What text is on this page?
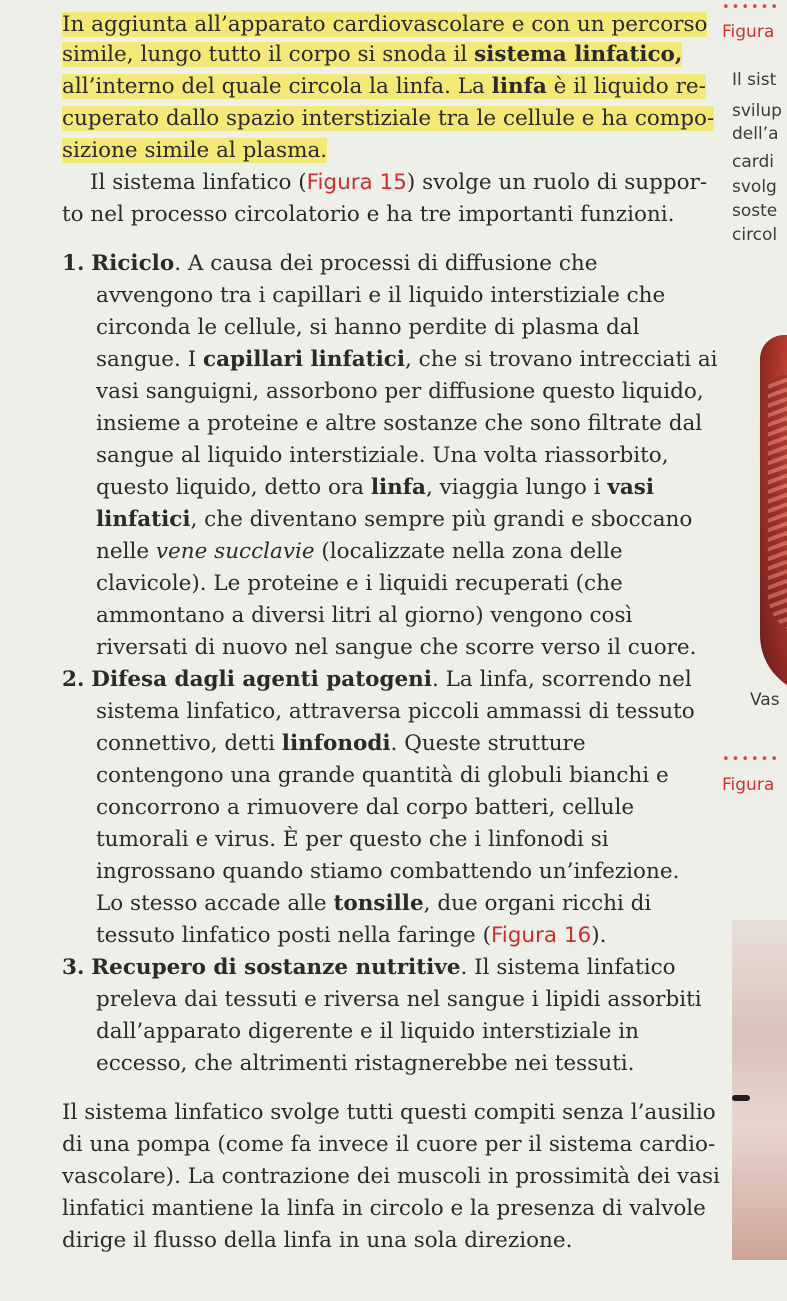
In aggiunta all’apparato cardiovascolare e con un percorso
simile, lungo tutto il corpo si snoda il sistema linfatico,
all’interno del quale circola la linfa. La linfa è il liquido re-
cuperato dallo spazio interstiziale tra le cellule e ha compo-
sizione simile al plasma.
Il sistema linfatico (Figura 15) svolge un ruolo di suppor-
to nel processo circolatorio e ha tre importanti funzioni.
1. Riciclo. A causa dei processi di diffusione che
avvengono tra i capillari e il liquido interstiziale che
circonda le cellule, si hanno perdite di plasma dal
sangue. I capillari linfatici, che si trovano intrecciati ai
vasi sanguigni, assorbono per diffusione questo liquido,
insieme a proteine e altre sostanze che sono filtrate dal
sangue al liquido interstiziale. Una volta riassorbito,
questo liquido, detto ora linfa, viaggia lungo i vasi
linfatici, che diventano sempre più grandi e sboccano
nelle vene succlavie (localizzate nella zona delle
clavicole). Le proteine e i liquidi recuperati (che
ammontano a diversi litri al giorno) vengono così
riversati di nuovo nel sangue che scorre verso il cuore.
2. Difesa dagli agenti patogeni. La linfa, scorrendo nel
sistema linfatico, attraversa piccoli ammassi di tessuto
connettivo, detti linfonodi. Queste strutture
contengono una grande quantità di globuli bianchi e
concorrono a rimuovere dal corpo batteri, cellule
tumorali e virus. È per questo che i linfonodi si
ingrossano quando stiamo combattendo un’infezione.
Lo stesso accade alle tonsille, due organi ricchi di
tessuto linfatico posti nella faringe (Figura 16).
3. Recupero di sostanze nutritive. Il sistema linfatico
preleva dai tessuti e riversa nel sangue i lipidi assorbiti
dall’apparato digerente e il liquido interstiziale in
eccesso, che altrimenti ristagnerebbe nei tessuti.
Il sistema linfatico svolge tutti questi compiti senza l’ausilio
di una pompa (come fa invece il cuore per il sistema cardio-
vascolare). La contrazione dei muscoli in prossimità dei vasi
linfatici mantiene la linfa in circolo e la presenza di valvole
dirige il flusso della linfa in una sola direzione.
••••••
Figura
Il sist
svilup
dell’a
cardi
svolg
soste
circol
Vas
••••••
Figura
